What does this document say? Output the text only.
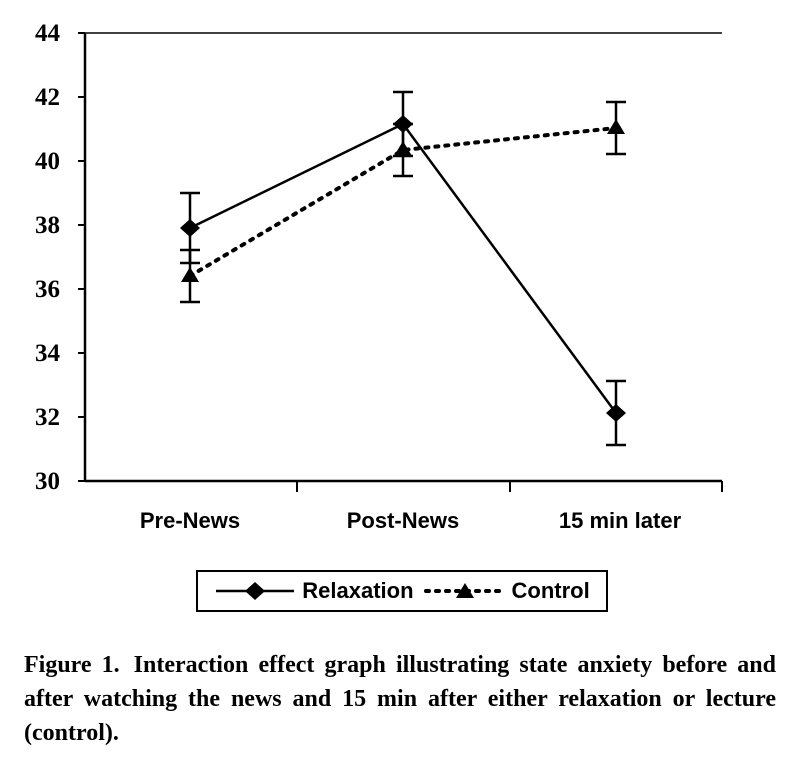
44
42
40
38
36
34
32
30
Pre-News	Post-News	15 min later
Relaxation	Control
Figure 1. Interaction effect graph illustrating state anxiety before and after watching the news and 15 min after either relaxation or lecture (control).
